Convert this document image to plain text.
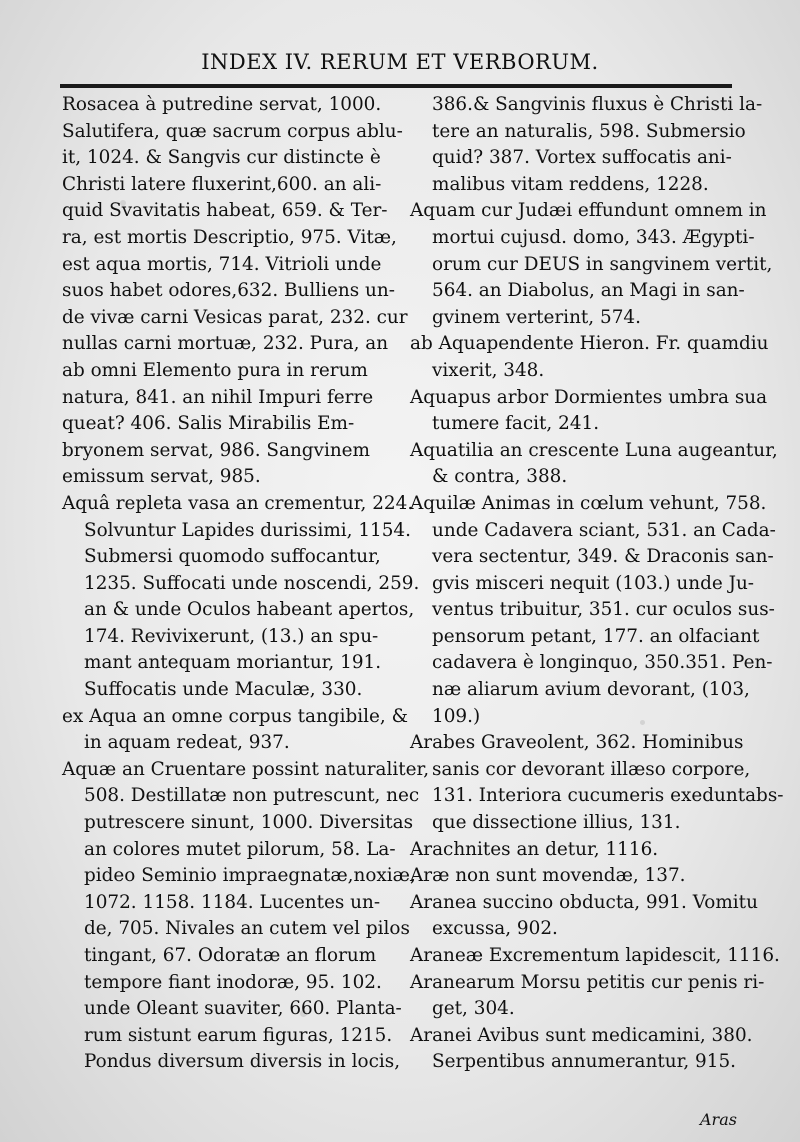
INDEX IV. RERUM ET VERBORUM.
Rosacea à putredine servat, 1000.
Salutifera, quæ sacrum corpus ablu-
it, 1024. & Sangvis cur distincte è
Christi latere fluxerint,600. an ali-
quid Svavitatis habeat, 659. & Ter-
ra, est mortis Descriptio, 975. Vitæ,
est aqua mortis, 714. Vitrioli unde
suos habet odores,632. Bulliens un-
de vivæ carni Vesicas parat, 232. cur
nullas carni mortuæ, 232. Pura, an
ab omni Elemento pura in rerum
natura, 841. an nihil Impuri ferre
queat? 406. Salis Mirabilis Em-
bryonem servat, 986. Sangvinem
emissum servat, 985.
Aquâ repleta vasa an crementur, 224.
Solvuntur Lapides durissimi, 1154.
Submersi quomodo suffocantur,
1235. Suffocati unde noscendi, 259.
an & unde Oculos habeant apertos,
174. Revivixerunt, (13.) an spu-
mant antequam moriantur, 191.
Suffocatis unde Maculæ, 330.
ex Aqua an omne corpus tangibile, &
in aquam redeat, 937.
Aquæ an Cruentare possint naturaliter,
508. Destillatæ non putrescunt, nec
putrescere sinunt, 1000. Diversitas
an colores mutet pilorum, 58. La-
pideo Seminio impraegnatæ,noxiæ,
1072. 1158. 1184. Lucentes un-
de, 705. Nivales an cutem vel pilos
tingant, 67. Odoratæ an florum
tempore fiant inodoræ, 95. 102.
unde Oleant suaviter, 660. Planta-
rum sistunt earum figuras, 1215.
Pondus diversum diversis in locis,
386.& Sangvinis fluxus è Christi la-
tere an naturalis, 598. Submersio
quid? 387. Vortex suffocatis ani-
malibus vitam reddens, 1228.
Aquam cur Judæi effundunt omnem in
mortui cujusd. domo, 343. Ægypti-
orum cur DEUS in sangvinem vertit,
564. an Diabolus, an Magi in san-
gvinem verterint, 574.
ab Aquapendente Hieron. Fr. quamdiu
vixerit, 348.
Aquapus arbor Dormientes umbra sua
tumere facit, 241.
Aquatilia an crescente Luna augeantur,
& contra, 388.
Aquilæ Animas in cœlum vehunt, 758.
unde Cadavera sciant, 531. an Cada-
vera sectentur, 349. & Draconis san-
gvis misceri nequit (103.) unde Ju-
ventus tribuitur, 351. cur oculos sus-
pensorum petant, 177. an olfaciant
cadavera è longinquo, 350.351. Pen-
næ aliarum avium devorant, (103,
109.)
Arabes Graveolent, 362. Hominibus
sanis cor devorant illæso corpore,
131. Interiora cucumeris exeduntabs-
que dissectione illius, 131.
Arachnites an detur, 1116.
Aræ non sunt movendæ, 137.
Aranea succino obducta, 991. Vomitu
excussa, 902.
Araneæ Excrementum lapidescit, 1116.
Aranearum Morsu petitis cur penis ri-
get, 304.
Aranei Avibus sunt medicamini, 380.
Serpentibus annumerantur, 915.
Aras
